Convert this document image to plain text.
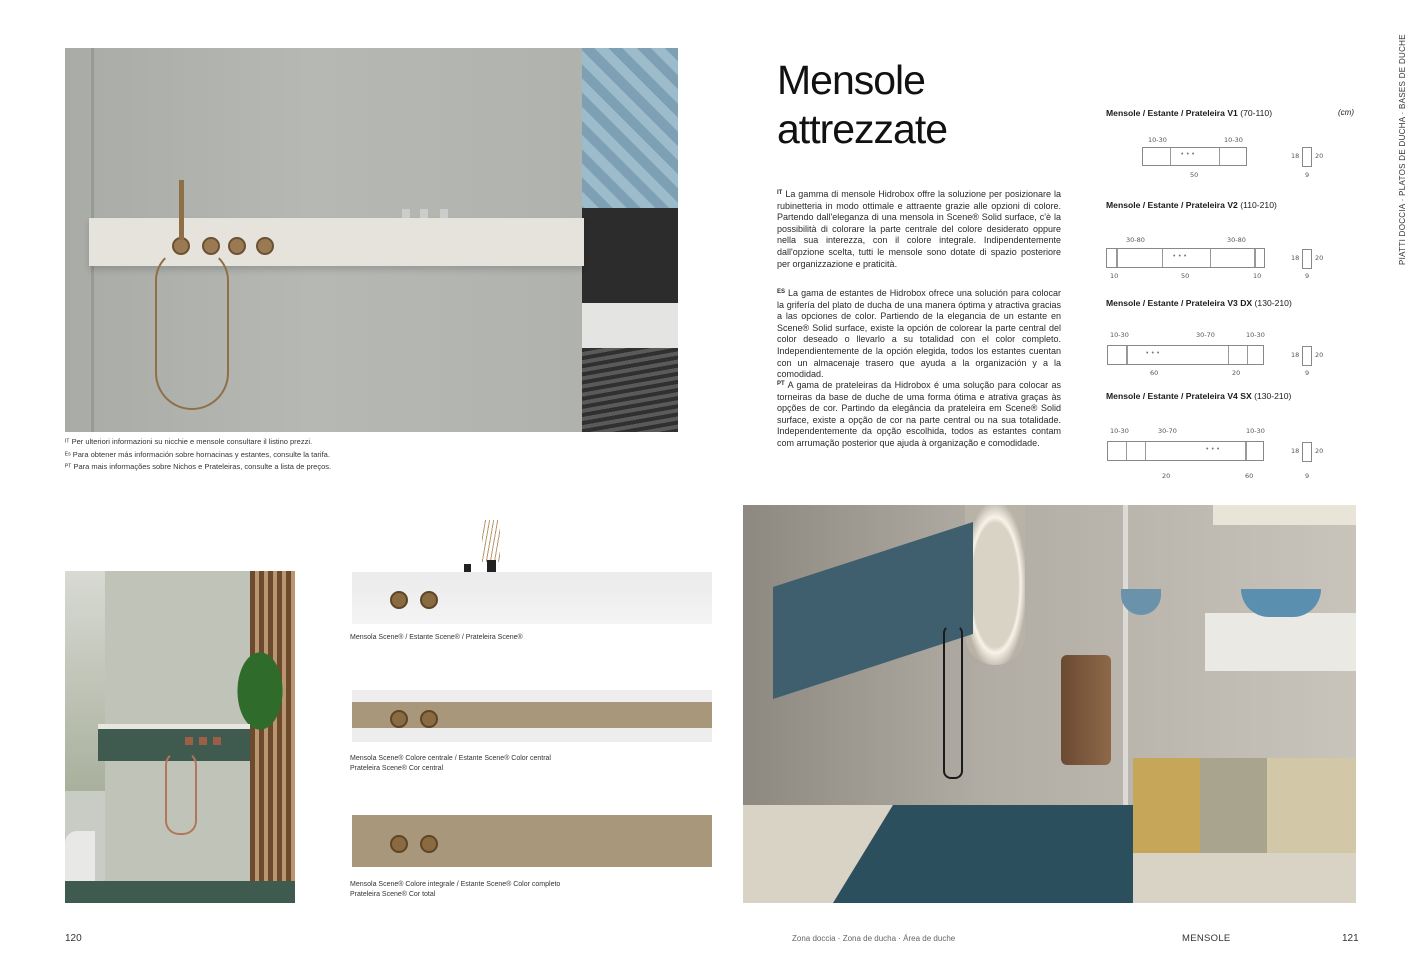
ᴵᵀ Per ulteriori informazioni su nicchie e mensole consultare il listino prezzi.
ᴱˢ Para obtener más información sobre hornacinas y estantes, consulte la tarifa.
ᴾᵀ Para mais informações sobre Nichos e Prateleiras, consulte a lista de preços.
Mensola Scene® / Estante Scene® / Prateleira Scene®
Mensola Scene® Colore centrale / Estante Scene® Color central
Prateleira Scene® Cor central
Mensola Scene® Colore integrale / Estante Scene® Color completo
Prateleira Scene® Cor total
120
Mensole
attrezzate
$^{IT}$ La gamma di mensole Hidrobox offre la soluzione per posizionare la rubinetteria in modo ottimale e attraente grazie alle opzioni di colore. Partendo dall'eleganza di una mensola in Scene® Solid surface, c'è la possibilità di colorare la parte centrale del colore desiderato oppure nella sua interezza, con il colore integrale. Indipendentemente dall'opzione scelta, tutti le mensole sono dotate di spazio posteriore per organizzazione e praticità.
$^{ES}$ La gama de estantes de Hidrobox ofrece una solución para colocar la grifería del plato de ducha de una manera óptima y atractiva gracias a las opciones de color. Partiendo de la elegancia de un estante en Scene® Solid surface, existe la opción de colorear la parte central del color deseado o llevarlo a su totalidad con el color completo. Independientemente de la opción elegida, todos los estantes cuentan con un almacenaje trasero que ayuda a la organización y a la comodidad.
$^{PT}$ A gama de prateleiras da Hidrobox é uma solução para colocar as torneiras da base de duche de uma forma ótima e atrativa graças às opções de cor. Partindo da elegância da prateleira em Scene® Solid surface, existe a opção de cor na parte central ou na sua totalidade. Independentemente da opção escolhida, todos as estantes contam com arrumação posterior que ajuda à organização e comodidade.
(cm)
Mensole / Estante / Prateleira V1 (70-110)
10-30	10-30
•••
50
18 20
9
Mensole / Estante / Prateleira V2 (110-210)
30-80	30-80
•••
10	50	10
18 20
9
Mensole / Estante / Prateleira V3 DX (130-210)
10-30	30-70	10-30
•••
60	20
18 20
9
Mensole / Estante / Prateleira V4 SX (130-210)
10-30	30-70	10-30
•••
20	60
18 20
9
PIATTI DOCCIA · PLATOS DE DUCHA · BASES DE DUCHE
Zona doccia · Zona de ducha · Área de duche	MENSOLE	121
